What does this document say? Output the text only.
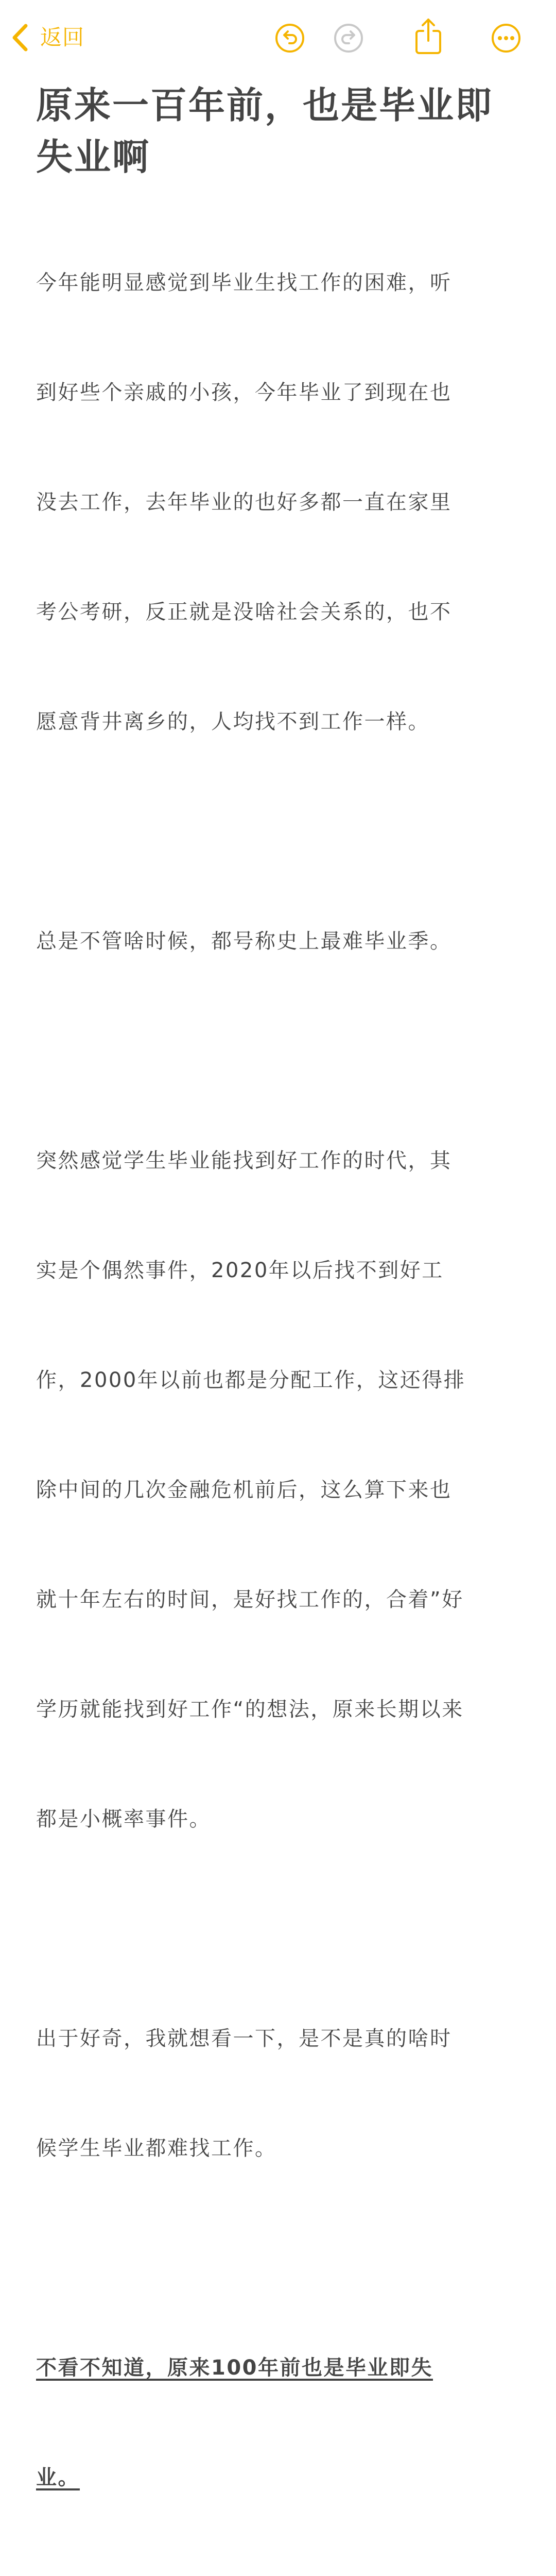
返回
原来一百年前，也是毕业即
失业啊

今年能明显感觉到毕业生找工作的困难，听

到好些个亲戚的小孩，今年毕业了到现在也

没去工作，去年毕业的也好多都一直在家里

考公考研，反正就是没啥社会关系的，也不

愿意背井离乡的，人均找不到工作一样。

总是不管啥时候，都号称史上最难毕业季。

突然感觉学生毕业能找到好工作的时代，其

实是个偶然事件，2020年以后找不到好工

作，2000年以前也都是分配工作，这还得排

除中间的几次金融危机前后，这么算下来也

就十年左右的时间，是好找工作的，合着”好

学历就能找到好工作“的想法，原来长期以来

都是小概率事件。

出于好奇，我就想看一下，是不是真的啥时

候学生毕业都难找工作。

不看不知道，原来100年前也是毕业即失

业。
